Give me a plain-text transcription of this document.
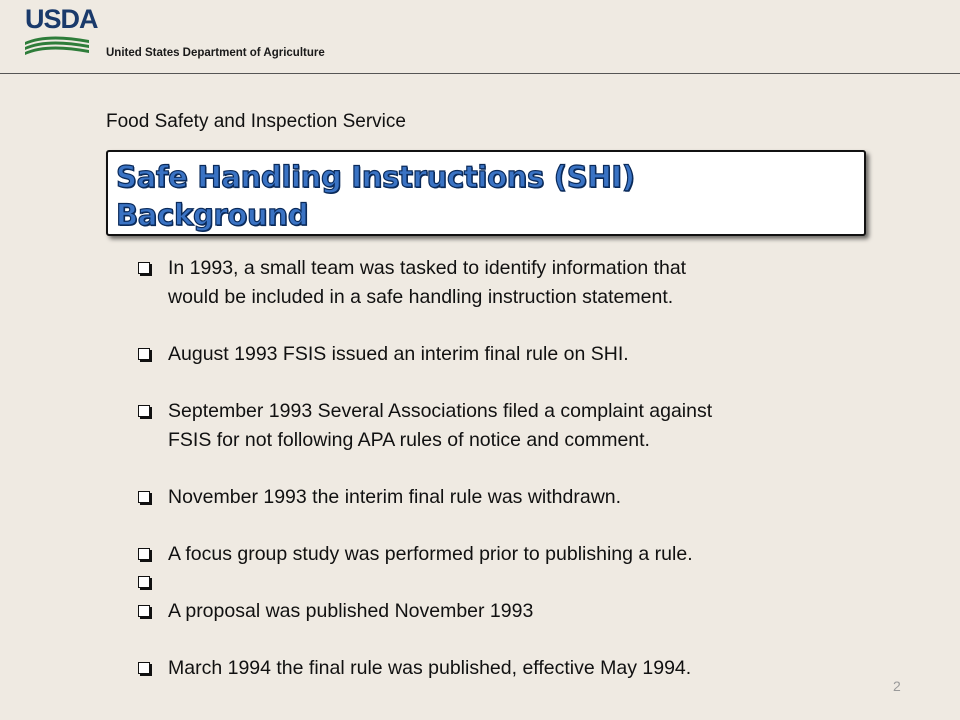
USDA
United States Department of Agriculture
Food Safety and Inspection Service
Safe Handling Instructions (SHI)
Background
In 1993, a small team was tasked to identify information that
would be included in a safe handling instruction statement.
August 1993 FSIS issued an interim final rule on SHI.
September 1993 Several Associations filed a complaint against
FSIS for not following APA rules of notice and comment.
November 1993 the interim final rule was withdrawn.
A focus group study was performed prior to publishing a rule.
A proposal was published November 1993
March 1994 the final rule was published, effective May 1994.
2
